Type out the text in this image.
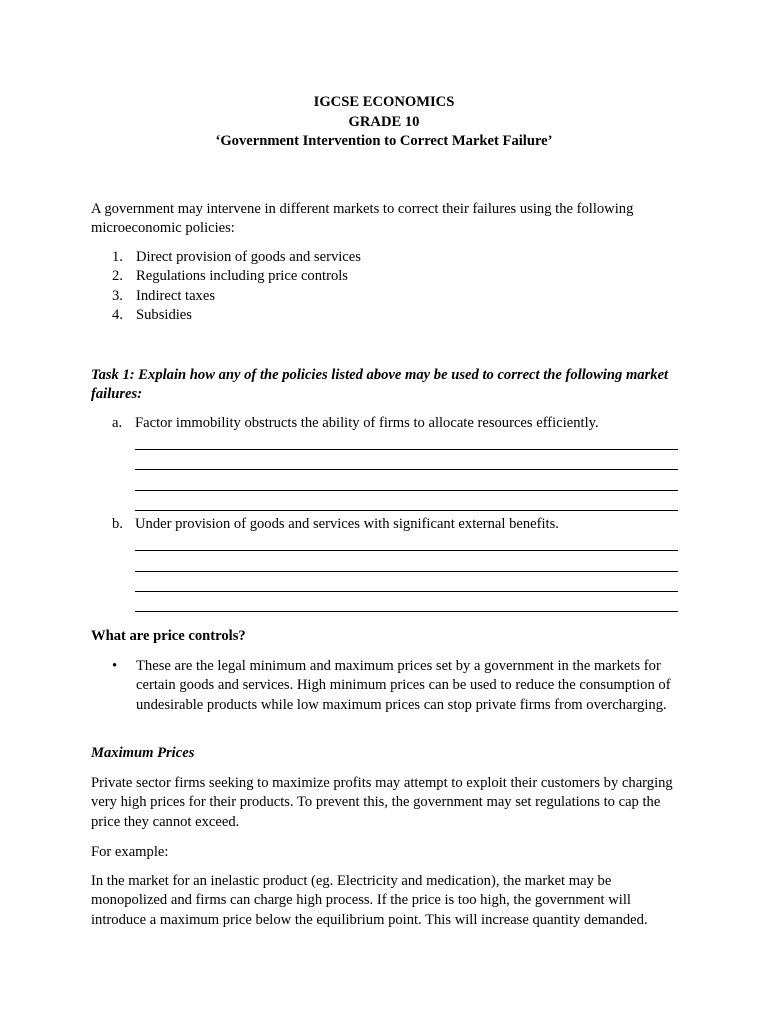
IGCSE ECONOMICS
GRADE 10
‘Government Intervention to Correct Market Failure’
A government may intervene in different markets to correct their failures using the following microeconomic policies:
1. Direct provision of goods and services
2. Regulations including price controls
3. Indirect taxes
4. Subsidies
Task 1: Explain how any of the policies listed above may be used to correct the following market failures:
a. Factor immobility obstructs the ability of firms to allocate resources efficiently.
b. Under provision of goods and services with significant external benefits.
What are price controls?
• These are the legal minimum and maximum prices set by a government in the markets for certain goods and services. High minimum prices can be used to reduce the consumption of undesirable products while low maximum prices can stop private firms from overcharging.
Maximum Prices
Private sector firms seeking to maximize profits may attempt to exploit their customers by charging very high prices for their products. To prevent this, the government may set regulations to cap the price they cannot exceed.
For example:
In the market for an inelastic product (eg. Electricity and medication), the market may be monopolized and firms can charge high process. If the price is too high, the government will introduce a maximum price below the equilibrium point. This will increase quantity demanded.
